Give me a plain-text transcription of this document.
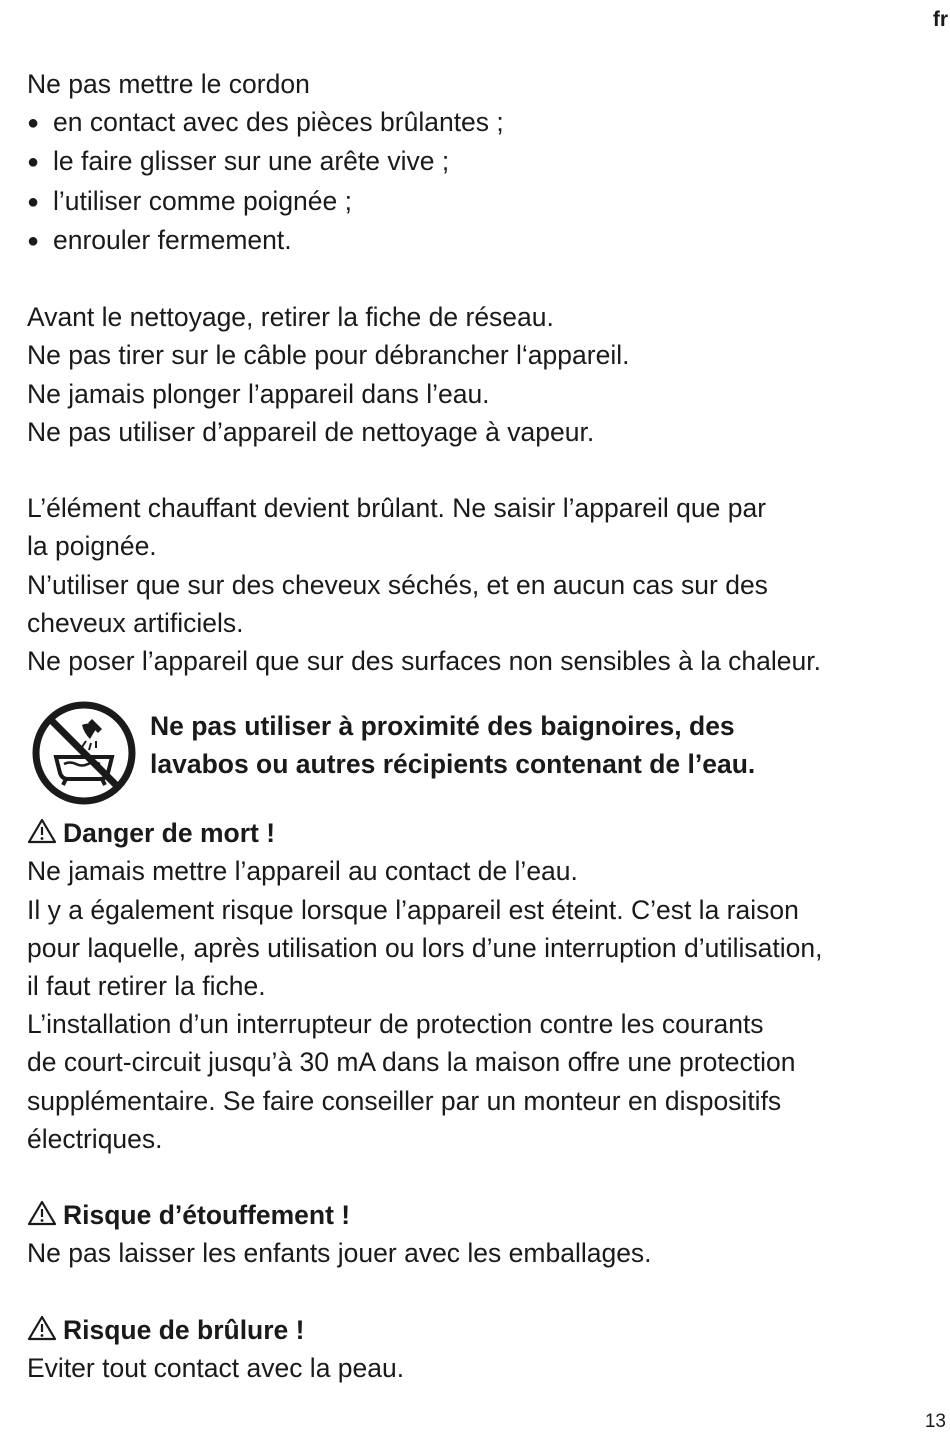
fr
Ne pas mettre le cordon
● en contact avec des pièces brûlantes ;
● le faire glisser sur une arête vive ;
● l’utiliser comme poignée ;
● enrouler fermement.
Avant le nettoyage, retirer la fiche de réseau.
Ne pas tirer sur le câble pour débrancher l‘appareil.
Ne jamais plonger l’appareil dans l’eau.
Ne pas utiliser d’appareil de nettoyage à vapeur.
L’élément chauffant devient brûlant. Ne saisir l’appareil que par
la poignée.
N’utiliser que sur des cheveux séchés, et en aucun cas sur des
cheveux artificiels.
Ne poser l’appareil que sur des surfaces non sensibles à la chaleur.
Ne pas utiliser à proximité des baignoires, des
lavabos ou autres récipients contenant de l’eau.
Danger de mort !
Ne jamais mettre l’appareil au contact de l’eau.
Il y a également risque lorsque l’appareil est éteint. C’est la raison
pour laquelle, après utilisation ou lors d’une interruption d’utilisation,
il faut retirer la fiche.
L’installation d’un interrupteur de protection contre les courants
de court-circuit jusqu’à 30 mA dans la maison offre une protection
supplémentaire. Se faire conseiller par un monteur en dispositifs
électriques.
Risque d’étouffement !
Ne pas laisser les enfants jouer avec les emballages.
Risque de brûlure !
Eviter tout contact avec la peau.
13
